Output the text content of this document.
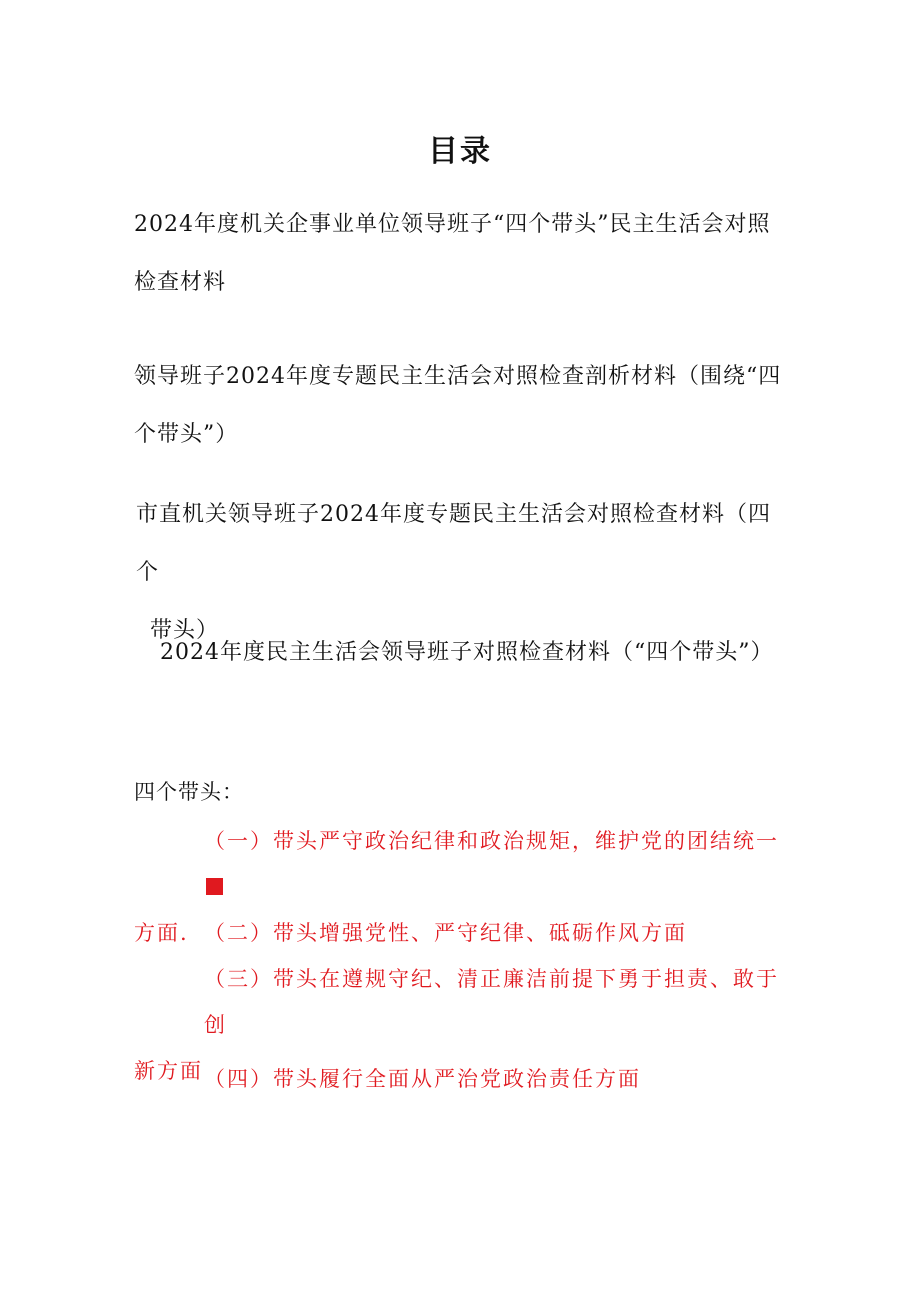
目录
2024年度机关企事业单位领导班子“四个带头”民主生活会对照
检查材料
领导班子2024年度专题民主生活会对照检查剖析材料（围绕“四
个带头”）
市直机关领导班子2024年度专题民主生活会对照检查材料（四个
带头）
2024年度民主生活会领导班子对照检查材料（“四个带头”）
四个带头：
（一）带头严守政治纪律和政治规矩，维护党的团结统一
方面. （二）带头增强党性、严守纪律、砥砺作风方面
（三）带头在遵规守纪、清正廉洁前提下勇于担责、敢于创
新方面 （四）带头履行全面从严治党政治责任方面
